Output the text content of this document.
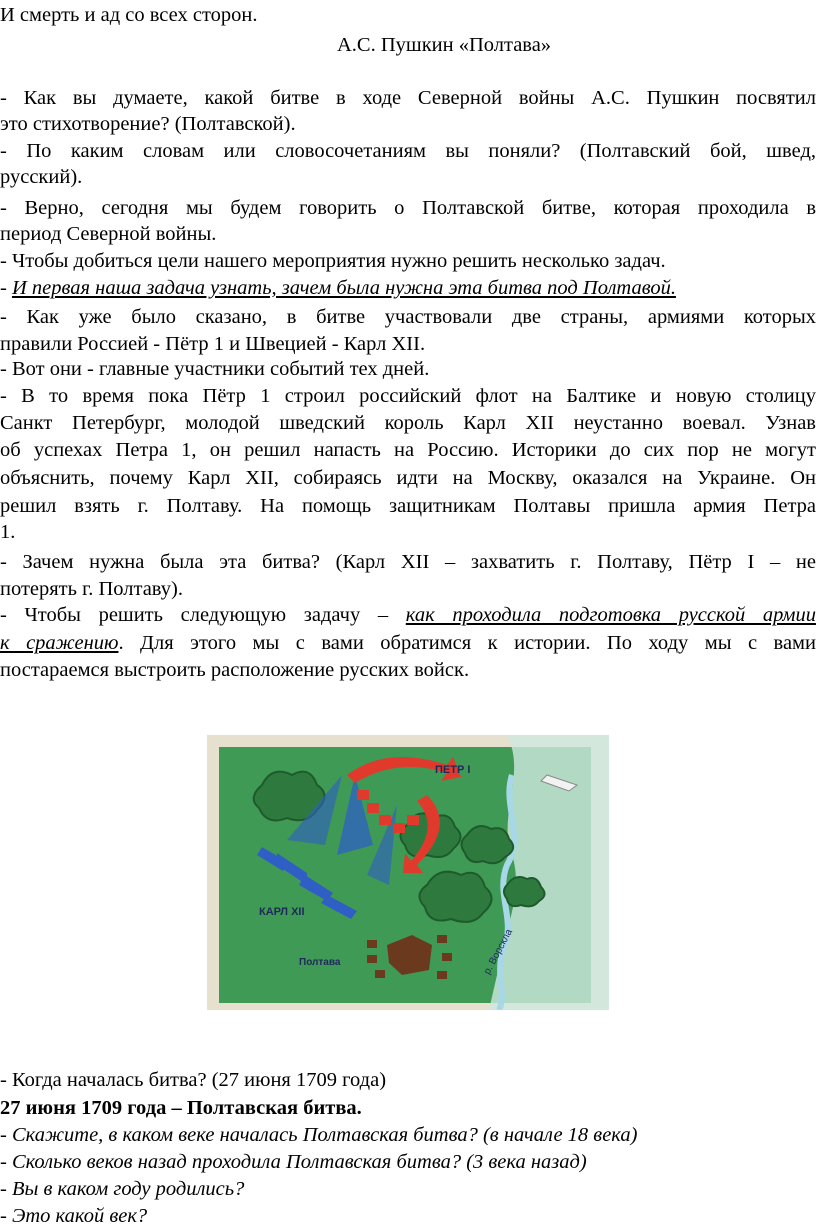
И смерть и ад со всех сторон.
А.С. Пушкин «Полтава»
- Как вы думаете, какой битве в ходе Северной войны А.С. Пушкин посвятил
это стихотворение? (Полтавской).
- По каким словам или словосочетаниям вы поняли? (Полтавский бой, швед,
русский).
- Верно, сегодня мы будем говорить о Полтавской битве, которая проходила в
период Северной войны.
- Чтобы добиться цели нашего мероприятия нужно решить несколько задач.
- И первая наша задача узнать, зачем была нужна эта битва под Полтавой.
- Как уже было сказано, в битве участвовали две страны, армиями которых
правили Россией - Пётр 1 и Швецией - Карл XII.
- Вот они - главные участники событий тех дней.
- В то время пока Пётр 1 строил российский флот на Балтике и новую столицу
Санкт Петербург, молодой шведский король Карл XII неустанно воевал. Узнав
об успехах Петра 1, он решил напасть на Россию. Историки до сих пор не могут
объяснить, почему Карл XII, собираясь идти на Москву, оказался на Украине. Он
решил взять г. Полтаву. На помощь защитникам Полтавы пришла армия Петра
1.
- Зачем нужна была эта битва? (Карл XII – захватить г. Полтаву, Пётр I – не
потерять г. Полтаву).
- Чтобы решить следующую задачу – как проходила подготовка русской армии
к сражению. Для этого мы с вами обратимся к истории. По ходу мы с вами
постараемся выстроить расположение русских войск.
ПЕТР I
КАРЛ XII
Полтава	р. Ворскла
- Когда началась битва? (27 июня 1709 года)
27 июня 1709 года – Полтавская битва.
- Скажите, в каком веке началась Полтавская битва? (в начале 18 века)
- Сколько веков назад проходила Полтавская битва? (3 века назад)
- Вы в каком году родились?
- Это какой век?
